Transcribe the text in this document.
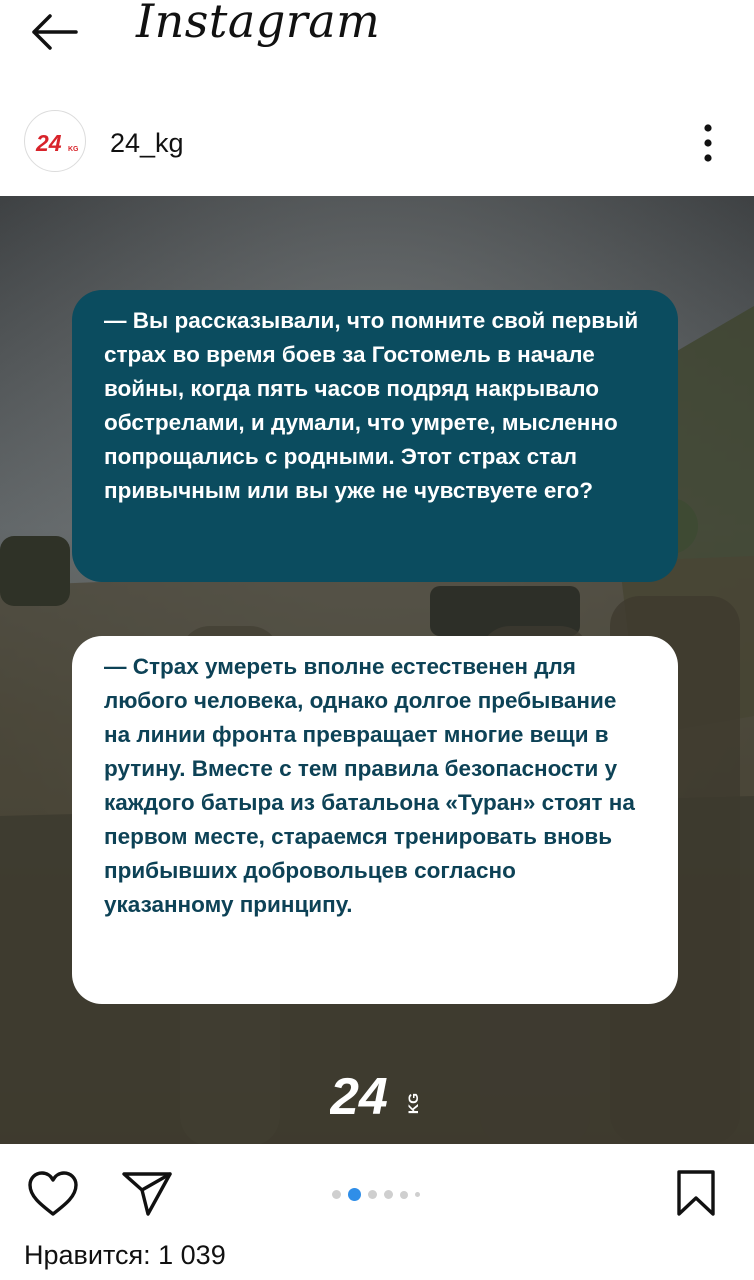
Instagram
24 KG 24_kg
— Вы рассказывали, что помните свой первый страх во время боев за Гостомель в начале войны, когда пять часов подряд накрывало обстрелами, и думали, что умрете, мысленно попрощались с родными. Этот страх стал привычным или вы уже не чувствуете его?
— Страх умереть вполне естественен для любого человека, однако долгое пребывание на линии фронта превращает многие вещи в рутину. Вместе с тем правила безопасности у каждого батыра из батальона «Туран» стоят на первом месте, стараемся тренировать вновь прибывших добровольцев согласно указанному принципу.
24 KG
Нравится: 1 039
